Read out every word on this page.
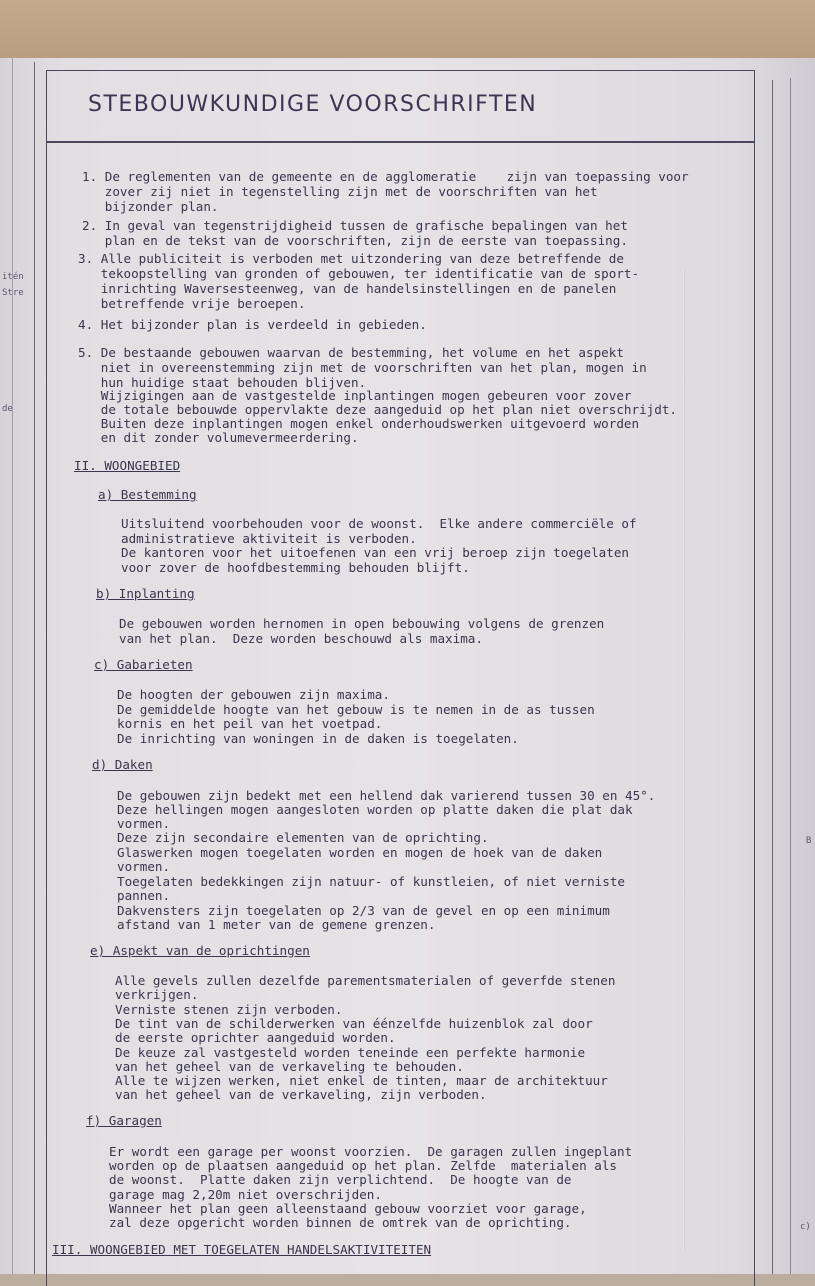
STEBOUWKUNDIGE VOORSCHRIFTEN
itén
Stre
de
B
c)

1. De reglementen van de gemeente en de agglomeratie    zijn van toepassing voor

zover zij niet in tegenstelling zijn met de voorschriften van het

bijzonder plan.

2. In geval van tegenstrijdigheid tussen de grafische bepalingen van het

plan en de tekst van de voorschriften, zijn de eerste van toepassing.

3. Alle publiciteit is verboden met uitzondering van deze betreffende de

tekoopstelling van gronden of gebouwen, ter identificatie van de sport-

inrichting Waversesteenweg, van de handelsinstellingen en de panelen

betreffende vrije beroepen.

4. Het bijzonder plan is verdeeld in gebieden.

5. De bestaande gebouwen waarvan de bestemming, het volume en het aspekt

niet in overeenstemming zijn met de voorschriften van het plan, mogen in

hun huidige staat behouden blijven.

Wijzigingen aan de vastgestelde inplantingen mogen gebeuren voor zover

de totale bebouwde oppervlakte deze aangeduid op het plan niet overschrijdt.

Buiten deze inplantingen mogen enkel onderhoudswerken uitgevoerd worden

en dit zonder volumevermeerdering.

II. WOONGEBIED

a) Bestemming

Uitsluitend voorbehouden voor de woonst.  Elke andere commerciële of

administratieve aktiviteit is verboden.

De kantoren voor het uitoefenen van een vrij beroep zijn toegelaten

voor zover de hoofdbestemming behouden blijft.

b) Inplanting

De gebouwen worden hernomen in open bebouwing volgens de grenzen

van het plan.  Deze worden beschouwd als maxima.

c) Gabarieten

De hoogten der gebouwen zijn maxima.

De gemiddelde hoogte van het gebouw is te nemen in de as tussen

kornis en het peil van het voetpad.

De inrichting van woningen in de daken is toegelaten.

d) Daken

De gebouwen zijn bedekt met een hellend dak varierend tussen 30 en 45°.

Deze hellingen mogen aangesloten worden op platte daken die plat dak

vormen.

Deze zijn secondaire elementen van de oprichting.

Glaswerken mogen toegelaten worden en mogen de hoek van de daken

vormen.

Toegelaten bedekkingen zijn natuur- of kunstleien, of niet verniste

pannen.

Dakvensters zijn toegelaten op 2/3 van de gevel en op een minimum

afstand van 1 meter van de gemene grenzen.

e) Aspekt van de oprichtingen

Alle gevels zullen dezelfde parementsmaterialen of geverfde stenen

verkrijgen.

Verniste stenen zijn verboden.

De tint van de schilderwerken van éénzelfde huizenblok zal door

de eerste oprichter aangeduid worden.

De keuze zal vastgesteld worden teneinde een perfekte harmonie

van het geheel van de verkaveling te behouden.

Alle te wijzen werken, niet enkel de tinten, maar de architektuur

van het geheel van de verkaveling, zijn verboden.

f) Garagen

Er wordt een garage per woonst voorzien.  De garagen zullen ingeplant

worden op de plaatsen aangeduid op het plan. Zelfde  materialen als

de woonst.  Platte daken zijn verplichtend.  De hoogte van de

garage mag 2,20m niet overschrijden.

Wanneer het plan geen alleenstaand gebouw voorziet voor garage,

zal deze opgericht worden binnen de omtrek van de oprichting.

III. WOONGEBIED MET TOEGELATEN HANDELSAKTIVITEITEN
